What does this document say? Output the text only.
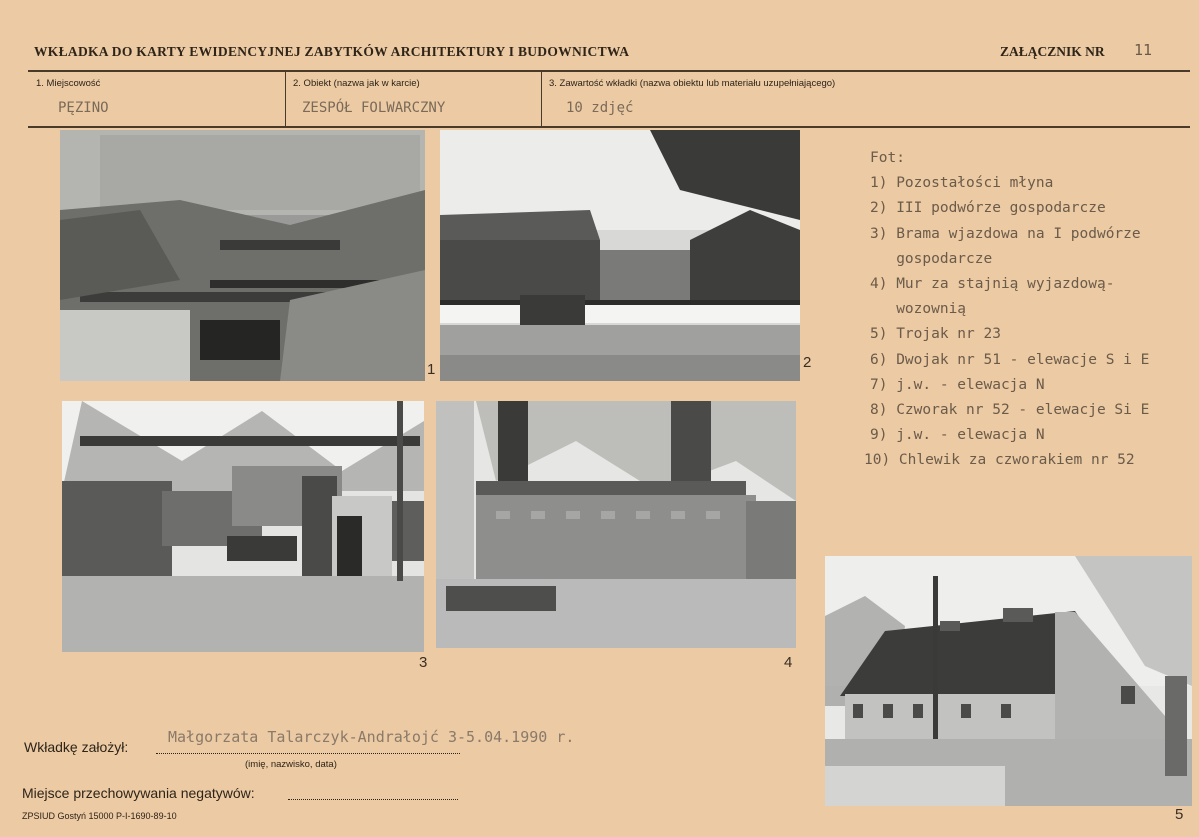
WKŁADKA DO KARTY EWIDENCYJNEJ ZABYTKÓW ARCHITEKTURY I BUDOWNICTWA	ZAŁĄCZNIK NR 11
1. Miejscowość
PĘZINO
2. Obiekt (nazwa jak w karcie)
ZESPÓŁ FOLWARCZNY
3. Zawartość wkładki (nazwa obiektu lub materiału uzupełniającego)
10 zdjęć
1	2
3	4
5
Fot:
1) Pozostałości młyna
2) III podwórze gospodarcze
3) Brama wjazdowa na I podwórze
gospodarcze
4) Mur za stajnią wyjazdową-
wozownią
5) Trojak nr 23
6) Dwojak nr 51 - elewacje S i E
7) j.w. - elewacja N
8) Czworak nr 52 - elewacje Si E
9) j.w. - elewacja N
10) Chlewik za czworakiem nr 52
Wkładkę założył:
Małgorzata Talarczyk-Andrałojć 3-5.04.1990 r.
(imię, nazwisko, data)
Miejsce przechowywania negatywów:
ZPSIUD Gostyń 15000 P-I-1690-89-10
